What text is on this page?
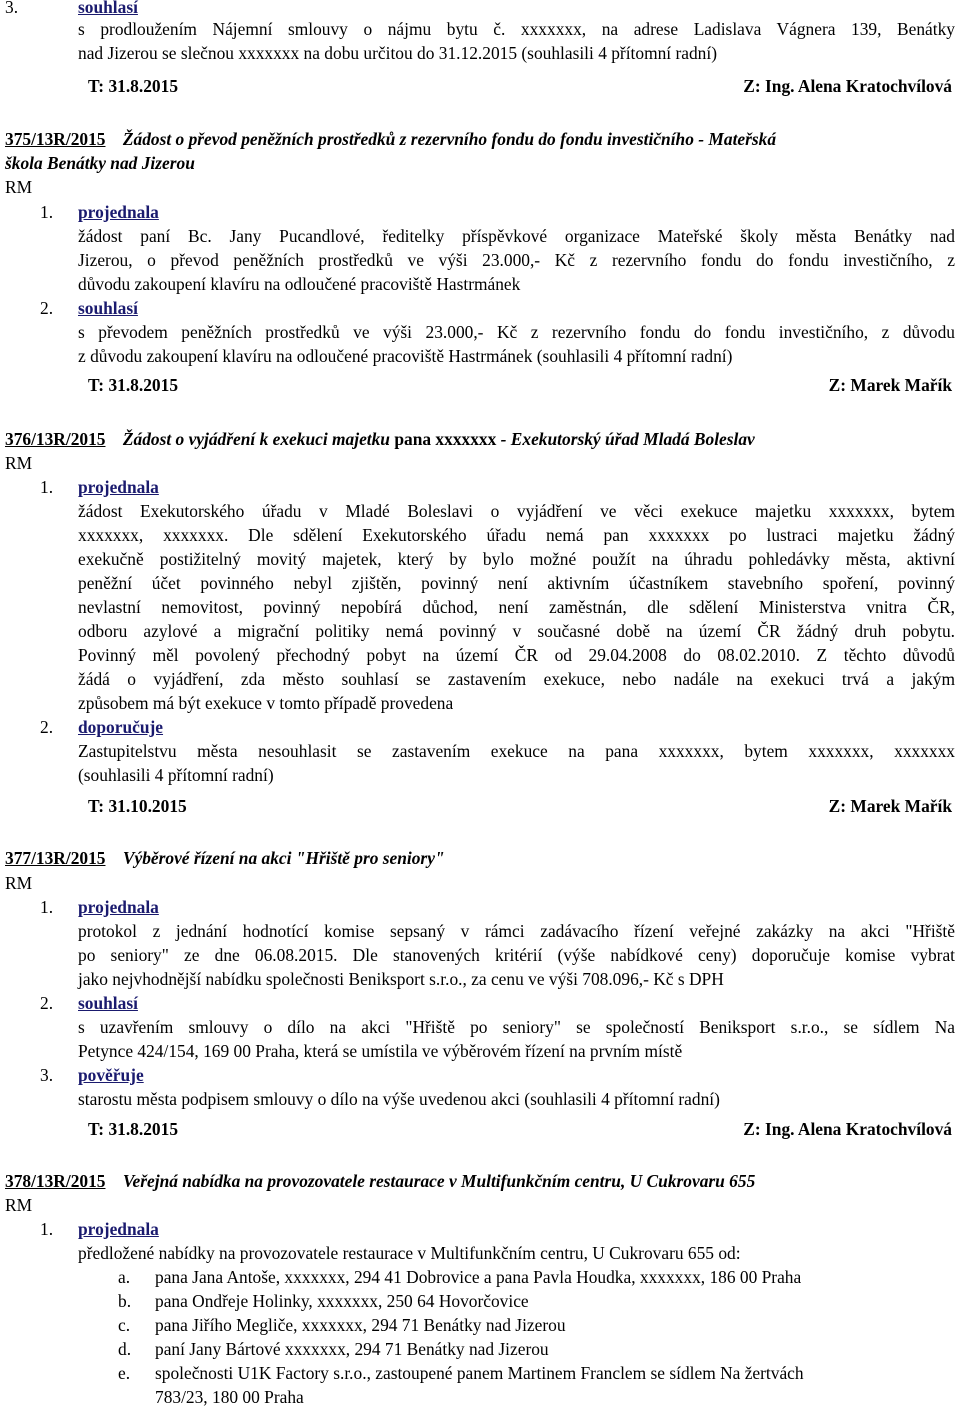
3.	souhlasí
s prodloužením Nájemní smlouvy o nájmu bytu č. xxxxxxx, na adrese Ladislava Vágnera 139, Benátky
nad Jizerou se slečnou xxxxxxx na dobu určitou do 31.12.2015 (souhlasili 4 přítomní radní)
T: 31.8.2015	Z: Ing. Alena Kratochvílová
375/13R/2015 Žádost o převod peněžních prostředků z rezervního fondu do fondu investičního - Mateřská
škola Benátky nad Jizerou
RM
1. projednala
žádost paní Bc. Jany Pucandlové, ředitelky příspěvkové organizace Mateřské školy města Benátky nad
Jizerou, o převod peněžních prostředků ve výši 23.000,- Kč z rezervního fondu do fondu investičního, z
důvodu zakoupení klavíru na odloučené pracoviště Hastrmánek
2. souhlasí
s převodem peněžních prostředků ve výši 23.000,- Kč z rezervního fondu do fondu investičního, z důvodu
z důvodu zakoupení klavíru na odloučené pracoviště Hastrmánek (souhlasili 4 přítomní radní)
T: 31.8.2015	Z: Marek Mařík
376/13R/2015 Žádost o vyjádření k exekuci majetku pana xxxxxxx - Exekutorský úřad Mladá Boleslav
RM
1. projednala
žádost Exekutorského úřadu v Mladé Boleslavi o vyjádření ve věci exekuce majetku xxxxxxx, bytem
xxxxxxx, xxxxxxx. Dle sdělení Exekutorského úřadu nemá pan xxxxxxx po lustraci majetku žádný
exekučně postižitelný movitý majetek, který by bylo možné použít na úhradu pohledávky města, aktivní
peněžní účet povinného nebyl zjištěn, povinný není aktivním účastníkem stavebního spoření, povinný
nevlastní nemovitost, povinný nepobírá důchod, není zaměstnán, dle sdělení Ministerstva vnitra ČR,
odboru azylové a migrační politiky nemá povinný v současné době na území ČR žádný druh pobytu.
Povinný měl povolený přechodný pobyt na území ČR od 29.04.2008 do 08.02.2010. Z těchto důvodů
žádá o vyjádření, zda město souhlasí se zastavením exekuce, nebo nadále na exekuci trvá a jakým
způsobem má být exekuce v tomto případě provedena
2. doporučuje
Zastupitelstvu města nesouhlasit se zastavením exekuce na pana xxxxxxx, bytem xxxxxxx, xxxxxxx
(souhlasili 4 přítomní radní)
T: 31.10.2015	Z: Marek Mařík
377/13R/2015 Výběrové řízení na akci "Hřiště pro seniory"
RM
1. projednala
protokol z jednání hodnotící komise sepsaný v rámci zadávacího řízení veřejné zakázky na akci "Hřiště
po seniory" ze dne 06.08.2015. Dle stanovených kritérií (výše nabídkové ceny) doporučuje komise vybrat
jako nejvhodnější nabídku společnosti Beniksport s.r.o., za cenu ve výši 708.096,- Kč s DPH
2. souhlasí
s uzavřením smlouvy o dílo na akci "Hřiště po seniory" se společností Beniksport s.r.o., se sídlem Na
Petynce 424/154, 169 00 Praha, která se umístila ve výběrovém řízení na prvním místě
3. pověřuje
starostu města podpisem smlouvy o dílo na výše uvedenou akci (souhlasili 4 přítomní radní)
T: 31.8.2015	Z: Ing. Alena Kratochvílová
378/13R/2015 Veřejná nabídka na provozovatele restaurace v Multifunkčním centru, U Cukrovaru 655
RM
1. projednala
předložené nabídky na provozovatele restaurace v Multifunkčním centru, U Cukrovaru 655 od:
a. pana Jana Antoše, xxxxxxx, 294 41 Dobrovice a pana Pavla Houdka, xxxxxxx, 186 00 Praha
b. pana Ondřeje Holinky, xxxxxxx, 250 64 Hovorčovice
c. pana Jiřího Megliče, xxxxxxx, 294 71 Benátky nad Jizerou
d. paní Jany Bártové xxxxxxx, 294 71 Benátky nad Jizerou
e. společnosti U1K Factory s.r.o., zastoupené panem Martinem Franclem se sídlem Na žertvách
783/23, 180 00 Praha
